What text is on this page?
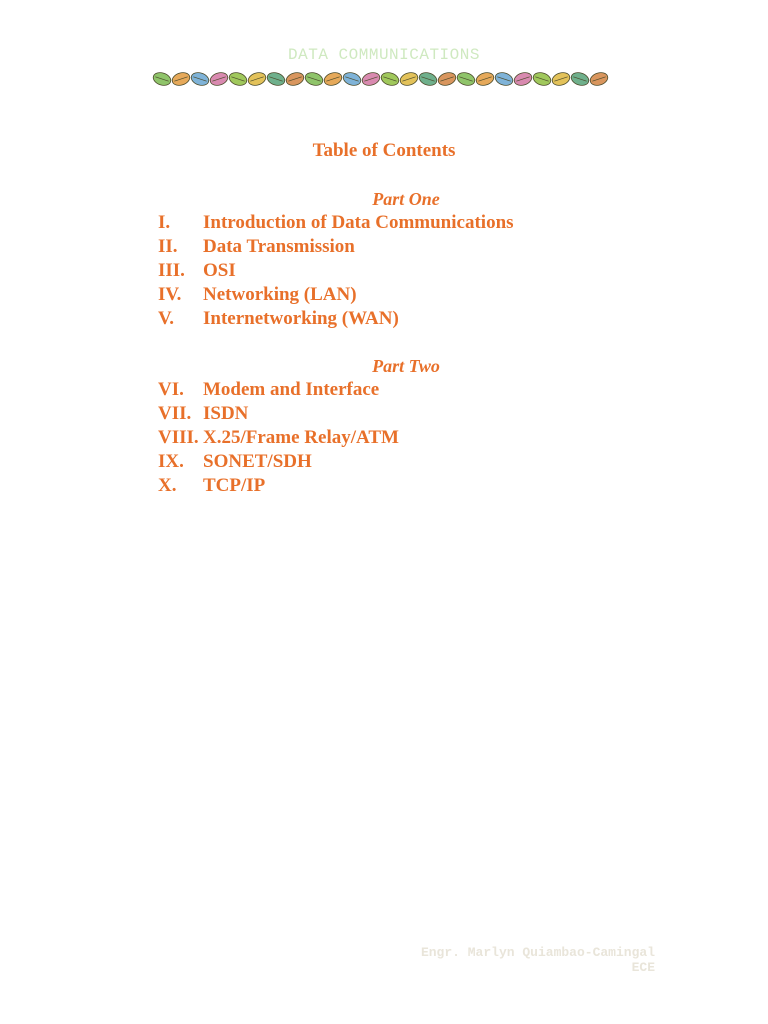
DATA COMMUNICATIONS
Table of Contents
Part One
I. Introduction of Data Communications
II. Data Transmission
III. OSI
IV. Networking (LAN)
V. Internetworking (WAN)
Part Two
VI. Modem and Interface
VII. ISDN
VIII. X.25/Frame Relay/ATM
IX. SONET/SDH
X. TCP/IP
Engr. Marlyn Quiambao-Camingal
ECE
